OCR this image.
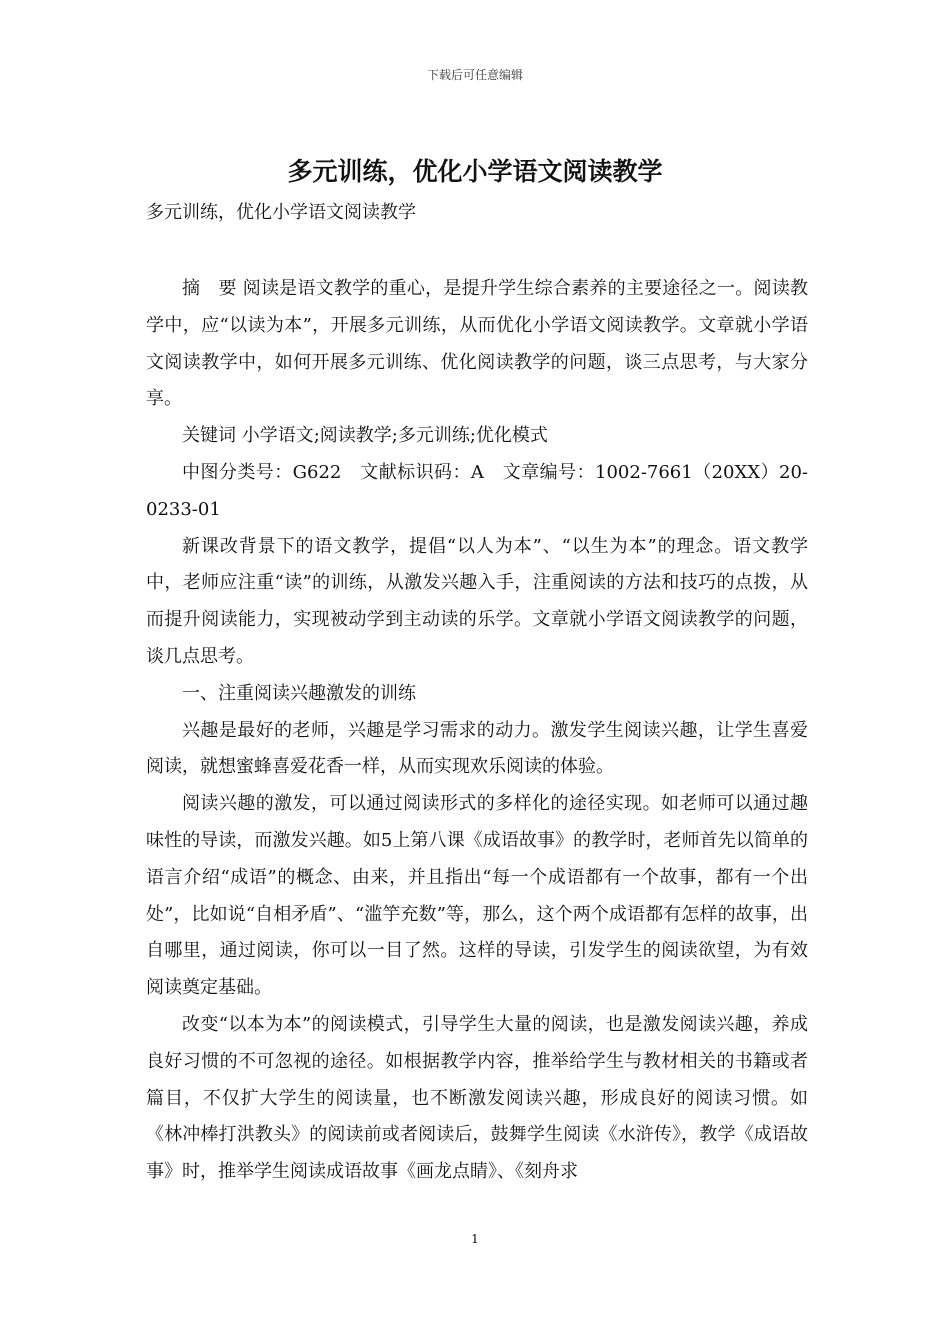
下载后可任意编辑
多元训练，优化小学语文阅读教学

多元训练，优化小学语文阅读教学

摘　要 阅读是语文教学的重心，是提升学生综合素养的主要途径之一。阅读教学中，应“以读为本”，开展多元训练，从而优化小学语文阅读教学。文章就小学语文阅读教学中，如何开展多元训练、优化阅读教学的问题，谈三点思考，与大家分享。

关键词 小学语文;阅读教学;多元训练;优化模式

中图分类号：G622　文献标识码：A　文章编号：1002-7661（20XX）20-0233-01

新课改背景下的语文教学，提倡“以人为本”、“以生为本”的理念。语文教学中，老师应注重“读”的训练，从激发兴趣入手，注重阅读的方法和技巧的点拨，从而提升阅读能力，实现被动学到主动读的乐学。文章就小学语文阅读教学的问题，谈几点思考。

一、注重阅读兴趣激发的训练

兴趣是最好的老师，兴趣是学习需求的动力。激发学生阅读兴趣，让学生喜爱阅读，就想蜜蜂喜爱花香一样，从而实现欢乐阅读的体验。

阅读兴趣的激发，可以通过阅读形式的多样化的途径实现。如老师可以通过趣味性的导读，而激发兴趣。如5上第八课《成语故事》的教学时，老师首先以简单的语言介绍“成语”的概念、由来，并且指出“每一个成语都有一个故事，都有一个出处”，比如说“自相矛盾”、“滥竽充数”等，那么，这个两个成语都有怎样的故事，出自哪里，通过阅读，你可以一目了然。这样的导读，引发学生的阅读欲望，为有效阅读奠定基础。

改变“以本为本”的阅读模式，引导学生大量的阅读，也是激发阅读兴趣，养成良好习惯的不可忽视的途径。如根据教学内容，推举给学生与教材相关的书籍或者篇目，不仅扩大学生的阅读量，也不断激发阅读兴趣，形成良好的阅读习惯。如《林冲棒打洪教头》的阅读前或者阅读后，鼓舞学生阅读《水浒传》，教学《成语故事》时，推举学生阅读成语故事《画龙点睛》、《刻舟求

1
